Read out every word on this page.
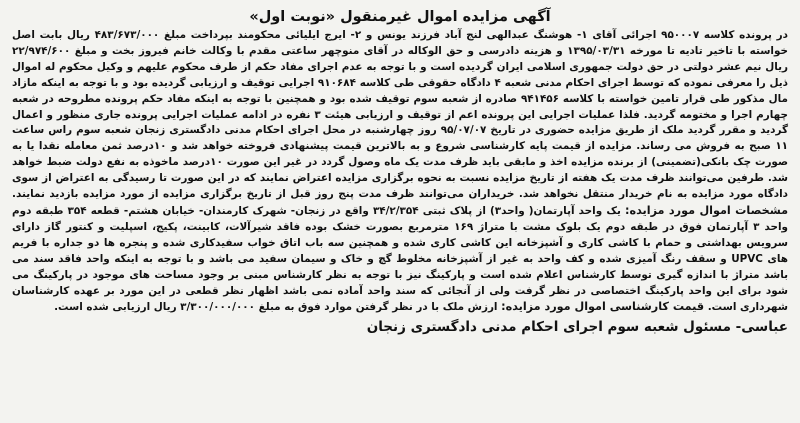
آگهی مزایده اموال غیرمنقول «نوبت اول»

در پرونده کلاسه ۹۵۰۰۰۷ اجرائی آقای ۱- هوشنگ عبدالهی لنج آباد فرزند یونس و ۲- ایرج ایلیائی محکومند بپرداخت مبلغ ۴۸۳/۶۷۳/۰۰۰ ریال بابت اصل خواسته با تاخیر تادیه تا مورخه ۱۳۹۵/۰۳/۳۱ و هزینه دادرسی و حق الوکاله در آقای منوچهر ساعتی مقدم با وکالت خانم فیروز بخت و مبلغ ۲۲/۹۷۴/۶۰۰ ریال نیم عشر دولتی در حق دولت جمهوری اسلامی ایران گردیده است و با توجه به عدم اجرای مفاد حکم از طرف محکوم علیهم و وکیل محکوم له اموال ذیل را معرفی نموده که توسط اجرای احکام مدنی شعبه ۴ دادگاه حقوقی طی کلاسه ۹۱۰۶۸۴ اجرایی توقیف و ارزیابی گردیده بود و با توجه به اینکه مازاد مال مذکور طی قرار تامین خواسته با کلاسه ۹۴۱۴۵۶ صادره از شعبه سوم توقیف شده بود و همچنین با توجه به اینکه مفاد حکم پرونده مطروحه در شعبه چهارم اجرا و مختومه گردید. فلذا عملیات اجرایی این پرونده اعم از توقیف و ارزیابی هیئت ۳ نفره در ادامه عملیات اجرایی پرونده جاری منظور و اعمال گردید و مقرر گردید ملک از طریق مزایده حضوری در تاریخ ۹۵/۰۷/۰۷ روز چهارشنبه در محل اجرای احکام مدنی دادگستری زنجان شعبه سوم راس ساعت ۱۱ صبح به فروش می رساند. مزایده از قیمت پایه کارشناسی شروع و به بالاترین قیمت پیشنهادی فروخته خواهد شد و ۱۰درصد ثمن معامله نقدا یا به صورت چک بانکی(تضمینی) از برنده مزایده اخذ و مابقی باید ظرف مدت یک ماه وصول گردد در غیر این صورت ۱۰درصد ماخوذه به نفع دولت ضبط خواهد شد. طرفین می‌توانند ظرف مدت یک هفته از تاریخ مزایده نسبت به نحوه برگزاری مزایده اعتراض نمایند که در این صورت تا رسیدگی به اعتراض از سوی دادگاه مورد مزایده به نام خریدار منتقل نخواهد شد. خریداران می‌توانند ظرف مدت پنج روز قبل از تاریخ برگزاری مزایده از مورد مزایده بازدید نمایند. مشخصات اموال مورد مزایده: یک واحد آپارتمان( واحد۳) از پلاک ثبتی ۳۴/۲/۳۵۴ واقع در زنجان- شهرک کارمندان- خیابان هشتم- قطعه ۳۵۴ طبقه دوم واحد ۳ آپارتمان فوق در طبقه دوم یک بلوک مشت با متراژ ۱۶۹ مترمربع بصورت خشک بوده فاقد شیرآلات، کابینت، پکیج، اسپلیت و کنتور گاز دارای سرویس بهداشتی و حمام با کاشی کاری و آشپزخانه این کاشی کاری شده و همچنین سه باب اتاق خواب سفیدکاری شده و پنجره ها دو جداره با فریم های UPVC و سقف رنگ آمیزی شده و کف واحد به غیر از آشپزخانه مخلوط گچ و خاک و سیمان سفید می باشد و با توجه به اینکه واحد فاقد سند می باشد متراژ با اندازه گیری توسط کارشناس اعلام شده است و پارکینگ نیز با توجه به نظر کارشناس مبنی بر وجود مساحت های موجود در پارکینگ می شود برای این واحد پارکینگ اختصاصی در نظر گرفت ولی از آنجائی که سند واحد آماده نمی باشد اظهار نظر قطعی در این مورد بر عهده کارشناسان شهرداری است. قیمت کارشناسی اموال مورد مزایده: ارزش ملک با در نظر گرفتن موارد فوق به مبلغ ۳/۳۰۰/۰۰۰/۰۰۰ ریال ارزیابی شده است.

عباسی- مسئول شعبه سوم اجرای احکام مدنی دادگستری زنجان
